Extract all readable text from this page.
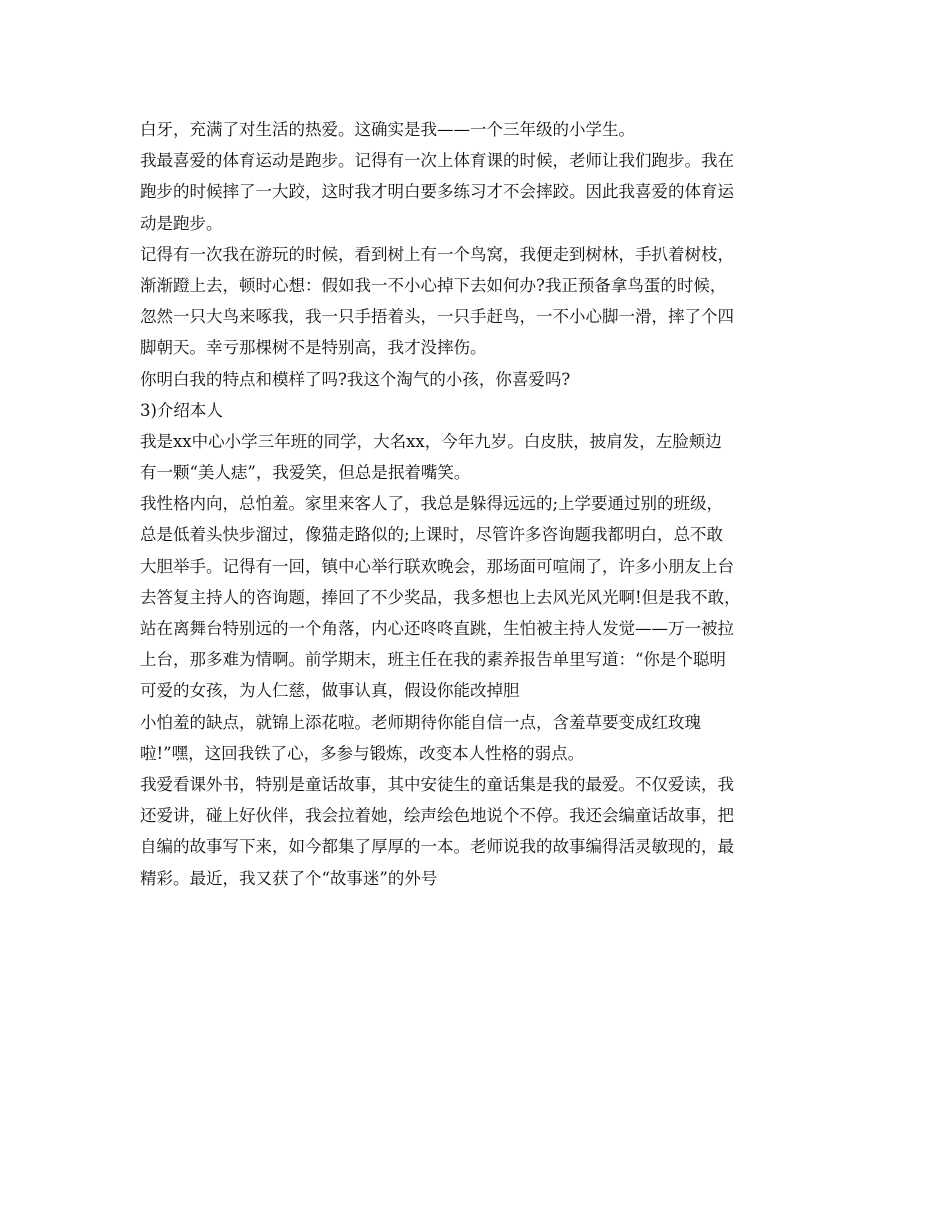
白牙，充满了对生活的热爱。这确实是我——一个三年级的小学生。
我最喜爱的体育运动是跑步。记得有一次上体育课的时候，老师让我们跑步。我在
跑步的时候摔了一大跤，这时我才明白要多练习才不会摔跤。因此我喜爱的体育运
动是跑步。
记得有一次我在游玩的时候，看到树上有一个鸟窝，我便走到树林，手扒着树枝，
渐渐蹬上去，顿时心想：假如我一不小心掉下去如何办?我正预备拿鸟蛋的时候，
忽然一只大鸟来啄我，我一只手捂着头，一只手赶鸟，一不小心脚一滑，摔了个四
脚朝天。幸亏那棵树不是特别高，我才没摔伤。
你明白我的特点和模样了吗?我这个淘气的小孩，你喜爱吗?
3)介绍本人
我是xx中心小学三年班的同学，大名xx，今年九岁。白皮肤，披肩发，左脸颊边
有一颗“美人痣”，我爱笑，但总是抿着嘴笑。
我性格内向，总怕羞。家里来客人了，我总是躲得远远的;上学要通过别的班级，
总是低着头快步溜过，像猫走路似的;上课时，尽管许多咨询题我都明白，总不敢
大胆举手。记得有一回，镇中心举行联欢晚会，那场面可喧闹了，许多小朋友上台
去答复主持人的咨询题，捧回了不少奖品，我多想也上去风光风光啊!但是我不敢，
站在离舞台特别远的一个角落，内心还咚咚直跳，生怕被主持人发觉——万一被拉
上台，那多难为情啊。前学期末，班主任在我的素养报告单里写道：“你是个聪明
可爱的女孩，为人仁慈，做事认真，假设你能改掉胆
小怕羞的缺点，就锦上添花啦。老师期待你能自信一点，含羞草要变成红玫瑰
啦!”嘿，这回我铁了心，多参与锻炼，改变本人性格的弱点。
我爱看课外书，特别是童话故事，其中安徒生的童话集是我的最爱。不仅爱读，我
还爱讲，碰上好伙伴，我会拉着她，绘声绘色地说个不停。我还会编童话故事，把
自编的故事写下来，如今都集了厚厚的一本。老师说我的故事编得活灵敏现的，最
精彩。最近，我又获了个“故事迷”的外号
